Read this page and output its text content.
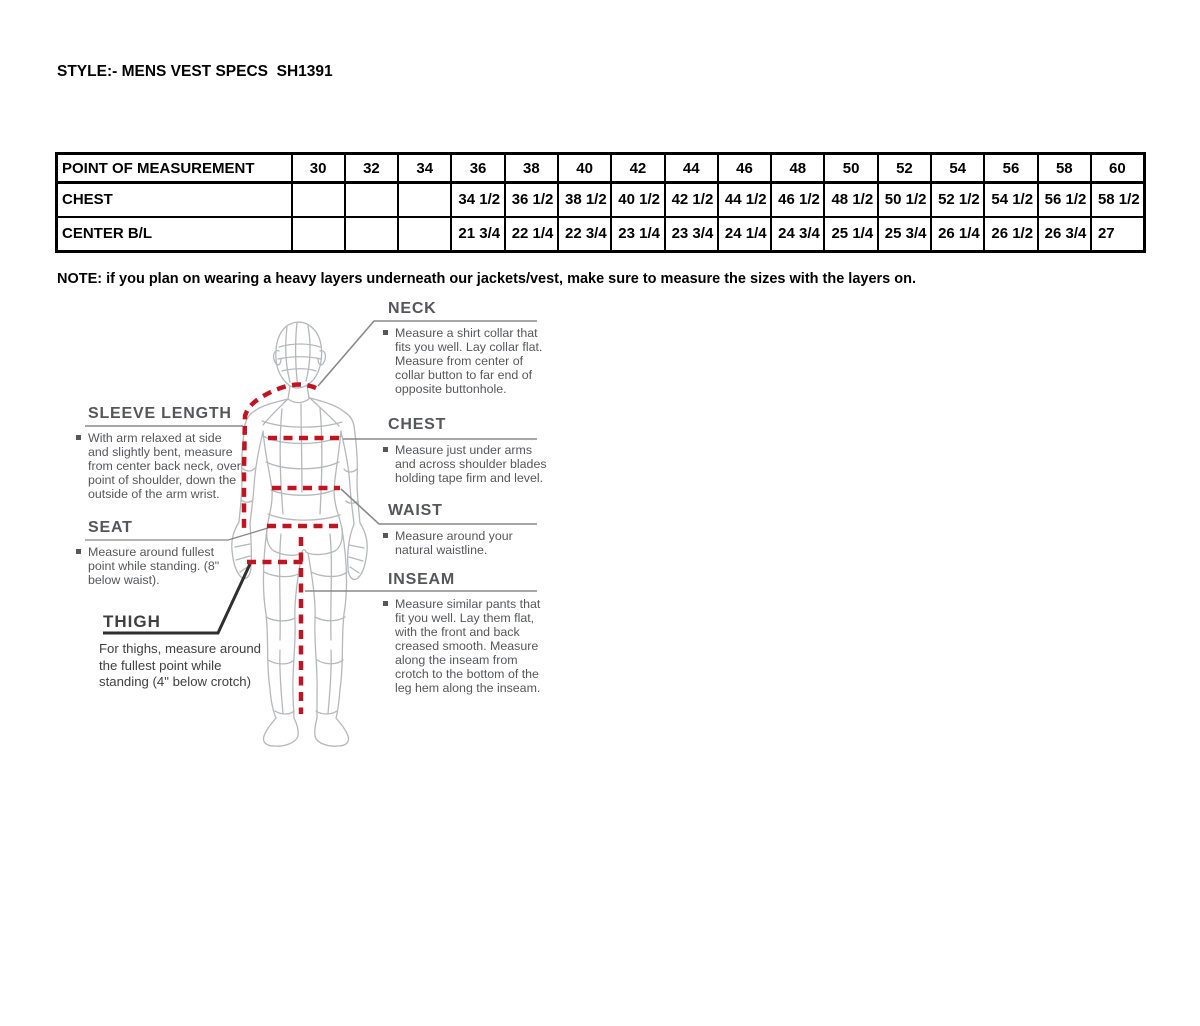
STYLE:- MENS VEST SPECS  SH1391
POINT OF MEASUREMENT	30	32	34	36	38	40	42	44	46	48	50	52	54	56	58	60
CHEST				34 1/2	36 1/2	38 1/2	40 1/2	42 1/2	44 1/2	46 1/2	48 1/2	50 1/2	52 1/2	54 1/2	56 1/2	58 1/2
CENTER B/L				21 3/4	22 1/4	22 3/4	23 1/4	23 3/4	24 1/4	24 3/4	25 1/4	25 3/4	26 1/4	26 1/2	26 3/4	27
NOTE: if you plan on wearing a heavy layers underneath our jackets/vest, make sure to measure the sizes with the layers on.
NECK
Measure a shirt collar that fits you well. Lay collar flat. Measure from center of collar button to far end of opposite buttonhole.
CHEST
Measure just under arms and across shoulder blades holding tape firm and level.
WAIST
Measure around your natural waistline.
INSEAM
Measure similar pants that fit you well. Lay them flat, with the front and back creased smooth. Measure along the inseam from crotch to the bottom of the leg hem along the inseam.
SLEEVE LENGTH
With arm relaxed at side and slightly bent, measure from center back neck, over point of shoulder, down the outside of the arm wrist.
SEAT
Measure around fullest point while standing. (8" below waist).
THIGH
For thighs, measure around the fullest point while standing (4" below crotch)
